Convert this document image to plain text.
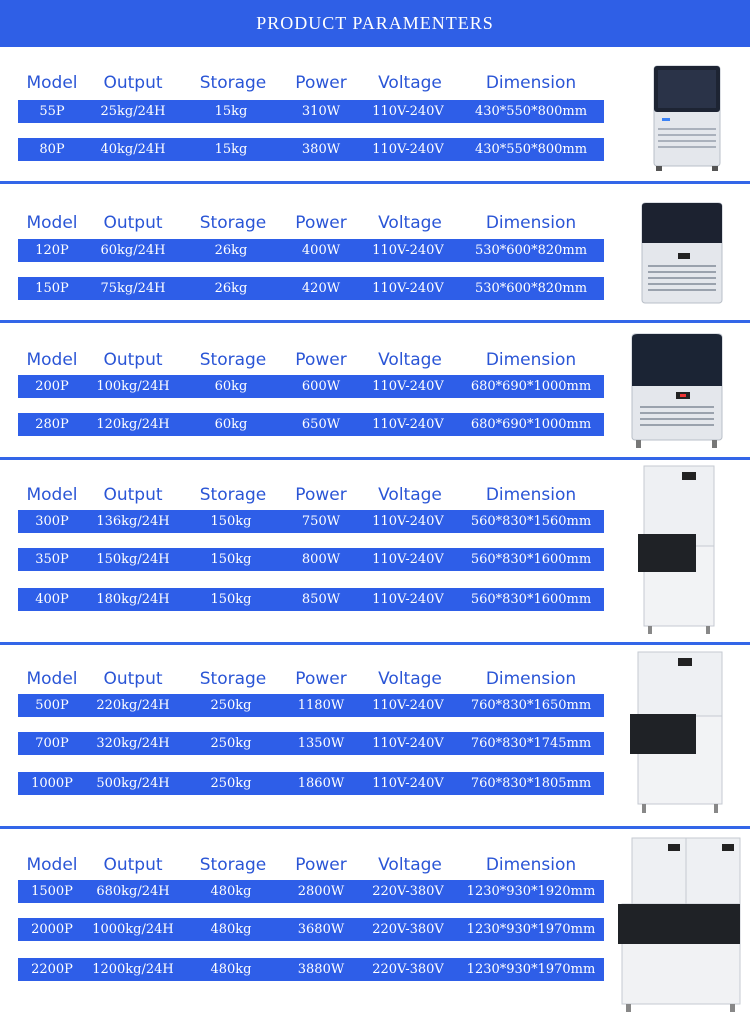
PRODUCT PARAMENTERS
Model	Output	Storage	Power	Voltage	Dimension
55P	25kg/24H	15kg	310W	110V-240V	430*550*800mm
80P	40kg/24H	15kg	380W	110V-240V	430*550*800mm
Model	Output	Storage	Power	Voltage	Dimension
120P	60kg/24H	26kg	400W	110V-240V	530*600*820mm
150P	75kg/24H	26kg	420W	110V-240V	530*600*820mm
Model	Output	Storage	Power	Voltage	Dimension
200P	100kg/24H	60kg	600W	110V-240V	680*690*1000mm
280P	120kg/24H	60kg	650W	110V-240V	680*690*1000mm
Model	Output	Storage	Power	Voltage	Dimension
300P	136kg/24H	150kg	750W	110V-240V	560*830*1560mm
350P	150kg/24H	150kg	800W	110V-240V	560*830*1600mm
400P	180kg/24H	150kg	850W	110V-240V	560*830*1600mm
Model	Output	Storage	Power	Voltage	Dimension
500P	220kg/24H	250kg	1180W	110V-240V	760*830*1650mm
700P	320kg/24H	250kg	1350W	110V-240V	760*830*1745mm
1000P	500kg/24H	250kg	1860W	110V-240V	760*830*1805mm
Model	Output	Storage	Power	Voltage	Dimension
1500P	680kg/24H	480kg	2800W	220V-380V	1230*930*1920mm
2000P	1000kg/24H	480kg	3680W	220V-380V	1230*930*1970mm
2200P	1200kg/24H	480kg	3880W	220V-380V	1230*930*1970mm
